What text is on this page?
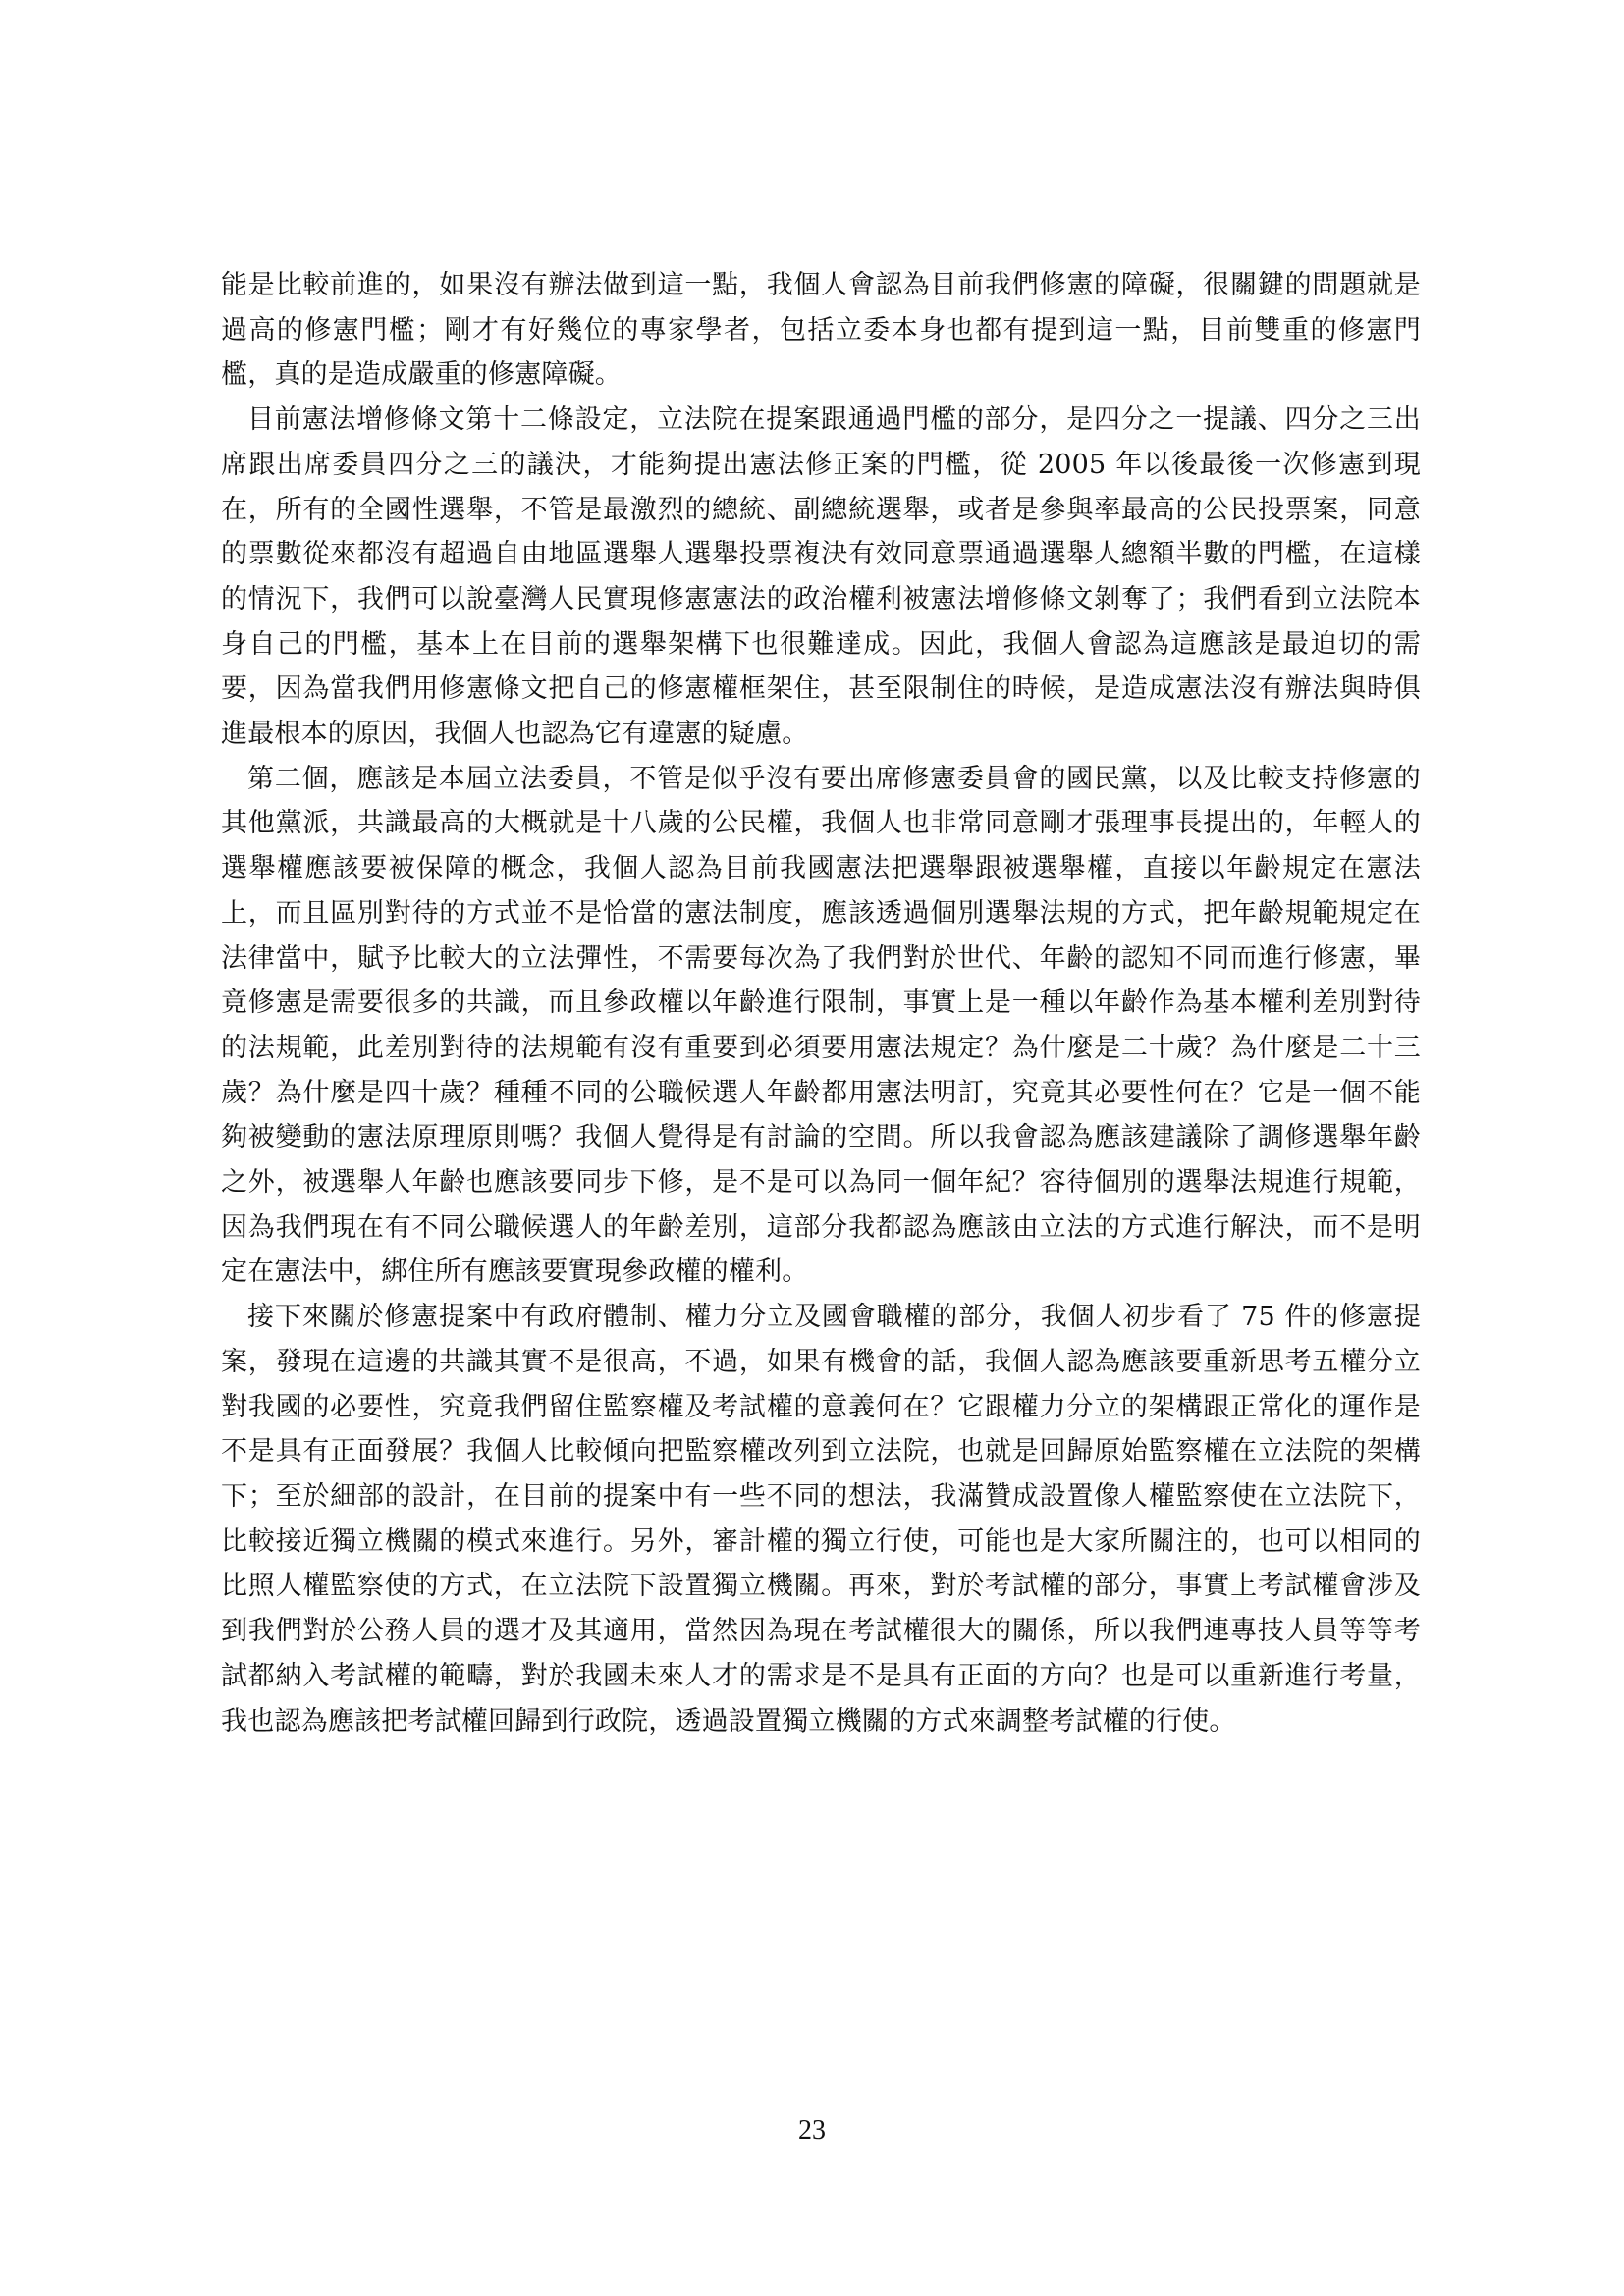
能是比較前進的，如果沒有辦法做到這一點，我個人會認為目前我們修憲的障礙，很關鍵的問題就是過高的修憲門檻；剛才有好幾位的專家學者，包括立委本身也都有提到這一點，目前雙重的修憲門檻，真的是造成嚴重的修憲障礙。

目前憲法增修條文第十二條設定，立法院在提案跟通過門檻的部分，是四分之一提議、四分之三出席跟出席委員四分之三的議決，才能夠提出憲法修正案的門檻，從 2005 年以後最後一次修憲到現在，所有的全國性選舉，不管是最激烈的總統、副總統選舉，或者是參與率最高的公民投票案，同意的票數從來都沒有超過自由地區選舉人選舉投票複決有效同意票通過選舉人總額半數的門檻，在這樣的情況下，我們可以說臺灣人民實現修憲憲法的政治權利被憲法增修條文剝奪了；我們看到立法院本身自己的門檻，基本上在目前的選舉架構下也很難達成。因此，我個人會認為這應該是最迫切的需要，因為當我們用修憲條文把自己的修憲權框架住，甚至限制住的時候，是造成憲法沒有辦法與時俱進最根本的原因，我個人也認為它有違憲的疑慮。

第二個，應該是本屆立法委員，不管是似乎沒有要出席修憲委員會的國民黨，以及比較支持修憲的其他黨派，共識最高的大概就是十八歲的公民權，我個人也非常同意剛才張理事長提出的，年輕人的選舉權應該要被保障的概念，我個人認為目前我國憲法把選舉跟被選舉權，直接以年齡規定在憲法上，而且區別對待的方式並不是恰當的憲法制度，應該透過個別選舉法規的方式，把年齡規範規定在法律當中，賦予比較大的立法彈性，不需要每次為了我們對於世代、年齡的認知不同而進行修憲，畢竟修憲是需要很多的共識，而且參政權以年齡進行限制，事實上是一種以年齡作為基本權利差別對待的法規範，此差別對待的法規範有沒有重要到必須要用憲法規定？為什麼是二十歲？為什麼是二十三歲？為什麼是四十歲？種種不同的公職候選人年齡都用憲法明訂，究竟其必要性何在？它是一個不能夠被變動的憲法原理原則嗎？我個人覺得是有討論的空間。所以我會認為應該建議除了調修選舉年齡之外，被選舉人年齡也應該要同步下修，是不是可以為同一個年紀？容待個別的選舉法規進行規範，因為我們現在有不同公職候選人的年齡差別，這部分我都認為應該由立法的方式進行解決，而不是明定在憲法中，綁住所有應該要實現參政權的權利。

接下來關於修憲提案中有政府體制、權力分立及國會職權的部分，我個人初步看了 75 件的修憲提案，發現在這邊的共識其實不是很高，不過，如果有機會的話，我個人認為應該要重新思考五權分立對我國的必要性，究竟我們留住監察權及考試權的意義何在？它跟權力分立的架構跟正常化的運作是不是具有正面發展？我個人比較傾向把監察權改列到立法院，也就是回歸原始監察權在立法院的架構下；至於細部的設計，在目前的提案中有一些不同的想法，我滿贊成設置像人權監察使在立法院下，比較接近獨立機關的模式來進行。另外，審計權的獨立行使，可能也是大家所關注的，也可以相同的比照人權監察使的方式，在立法院下設置獨立機關。再來，對於考試權的部分，事實上考試權會涉及到我們對於公務人員的選才及其適用，當然因為現在考試權很大的關係，所以我們連專技人員等等考試都納入考試權的範疇，對於我國未來人才的需求是不是具有正面的方向？也是可以重新進行考量，我也認為應該把考試權回歸到行政院，透過設置獨立機關的方式來調整考試權的行使。

23
